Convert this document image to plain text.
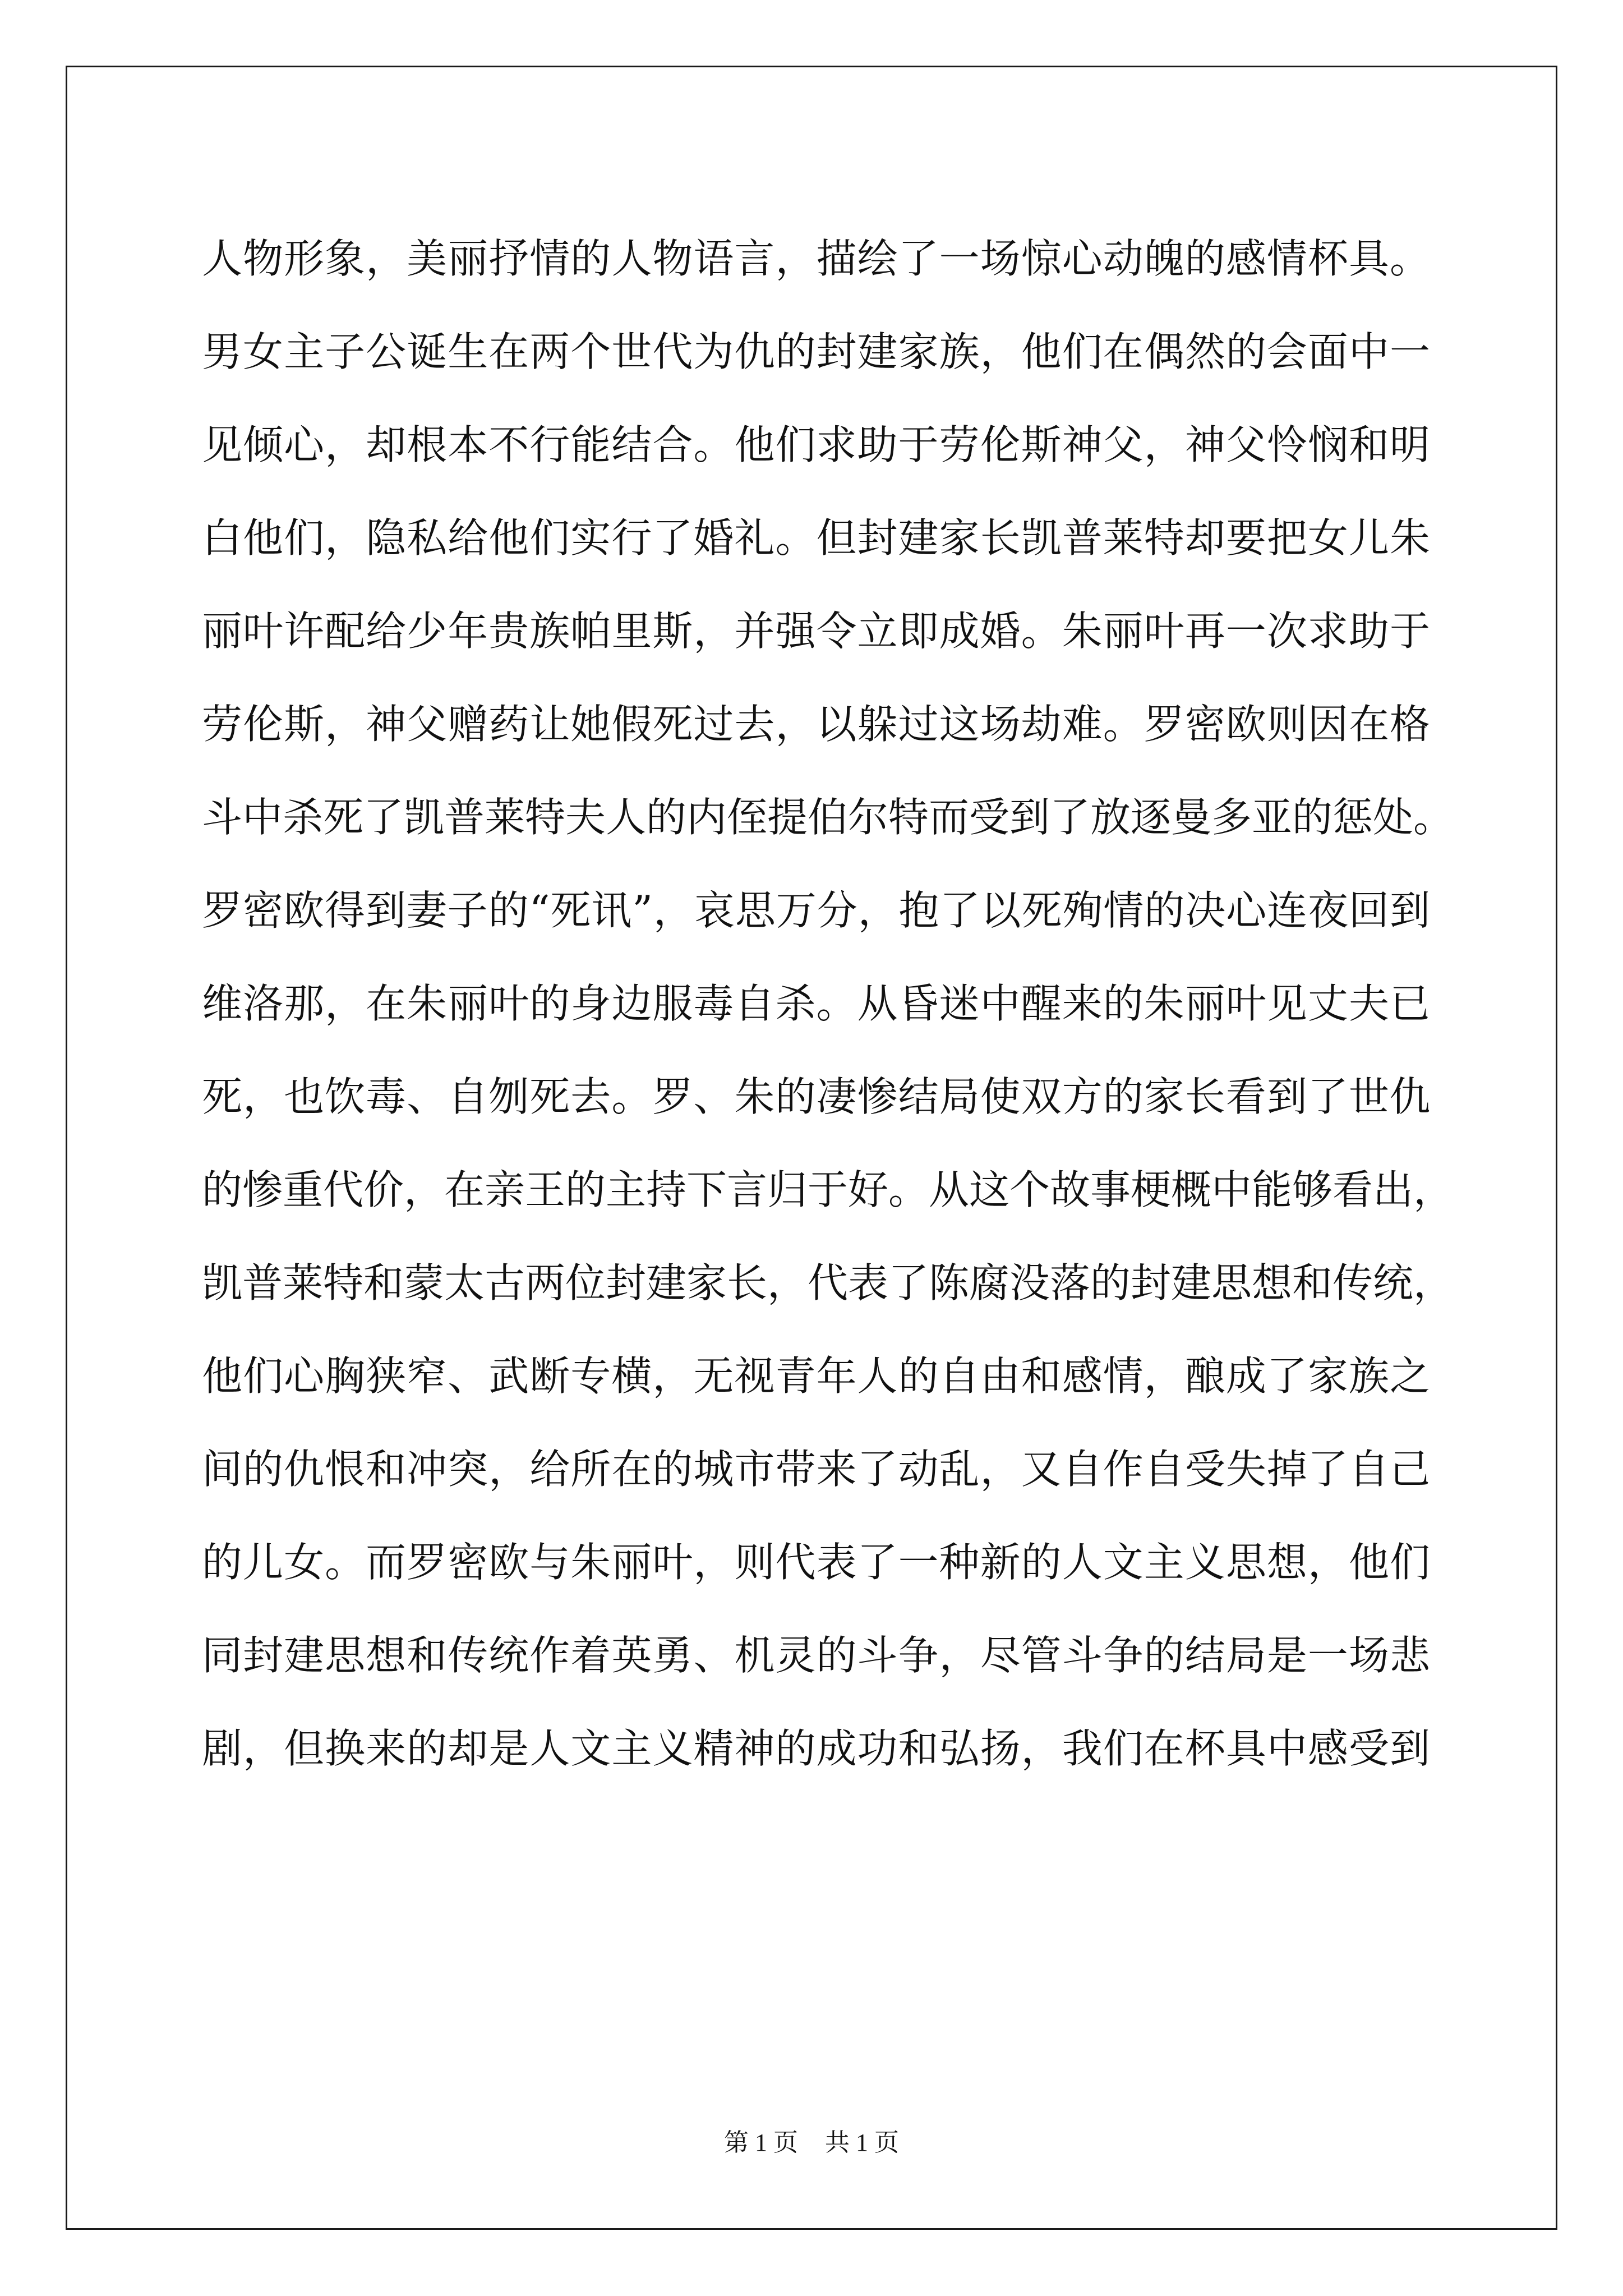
人物形象，美丽抒情的人物语言，描绘了一场惊心动魄的感情杯具。
男女主子公诞生在两个世代为仇的封建家族，他们在偶然的会面中一
见倾心，却根本不行能结合。他们求助于劳伦斯神父，神父怜悯和明
白他们，隐私给他们实行了婚礼。但封建家长凯普莱特却要把女儿朱
丽叶许配给少年贵族帕里斯，并强令立即成婚。朱丽叶再一次求助于
劳伦斯，神父赠药让她假死过去，以躲过这场劫难。罗密欧则因在格
斗中杀死了凯普莱特夫人的内侄提伯尔特而受到了放逐曼多亚的惩处。
罗密欧得到妻子的“死讯”，哀思万分，抱了以死殉情的决心连夜回到
维洛那，在朱丽叶的身边服毒自杀。从昏迷中醒来的朱丽叶见丈夫已
死，也饮毒、自刎死去。罗、朱的凄惨结局使双方的家长看到了世仇
的惨重代价，在亲王的主持下言归于好。从这个故事梗概中能够看出，
凯普莱特和蒙太古两位封建家长，代表了陈腐没落的封建思想和传统，
他们心胸狭窄、武断专横，无视青年人的自由和感情，酿成了家族之
间的仇恨和冲突，给所在的城市带来了动乱，又自作自受失掉了自己
的儿女。而罗密欧与朱丽叶，则代表了一种新的人文主义思想，他们
同封建思想和传统作着英勇、机灵的斗争，尽管斗争的结局是一场悲
剧，但换来的却是人文主义精神的成功和弘扬，我们在杯具中感受到
第 1 页 共 1 页
